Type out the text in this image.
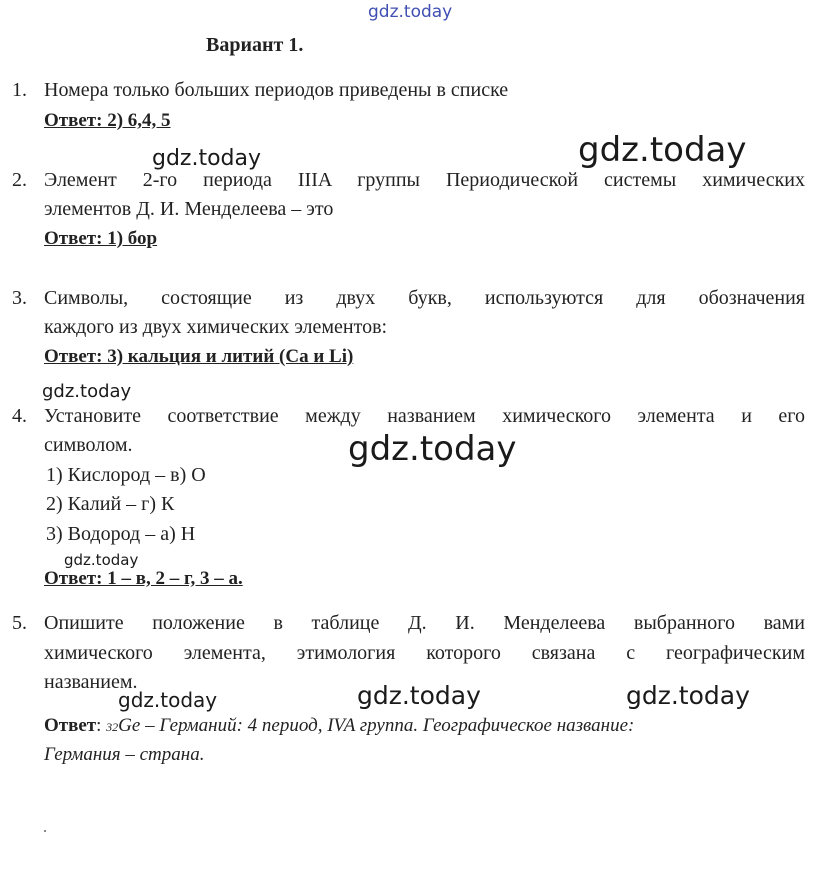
gdz.today
gdz.today	gdz.today
gdz.today
gdz.today
gdz.today
gdz.today	gdz.today	gdz.today
Вариант 1.
1. Номера только больших периодов приведены в списке
Ответ: 2) 6,4, 5
2. Элемент 2-го периода IIIA группы Периодической системы химических
элементов Д. И. Менделеева – это
Ответ: 1) бор
3. Символы, состоящие из двух букв, используются для обозначения
каждого из двух химических элементов:
Ответ: 3) кальция и литий (Ca и Li)
4. Установите соответствие между названием химического элемента и его
символом.
1) Кислород – в) О
2) Калий – г) К
3) Водород – а) Н
Ответ: 1 – в, 2 – г, 3 – а.
5. Опишите положение в таблице Д. И. Менделеева выбранного вами
химического элемента, этимология которого связана с географическим
названием.
Ответ: 32Ge – Германий: 4 период, IVA группа. Географическое название:
Германия – страна.
